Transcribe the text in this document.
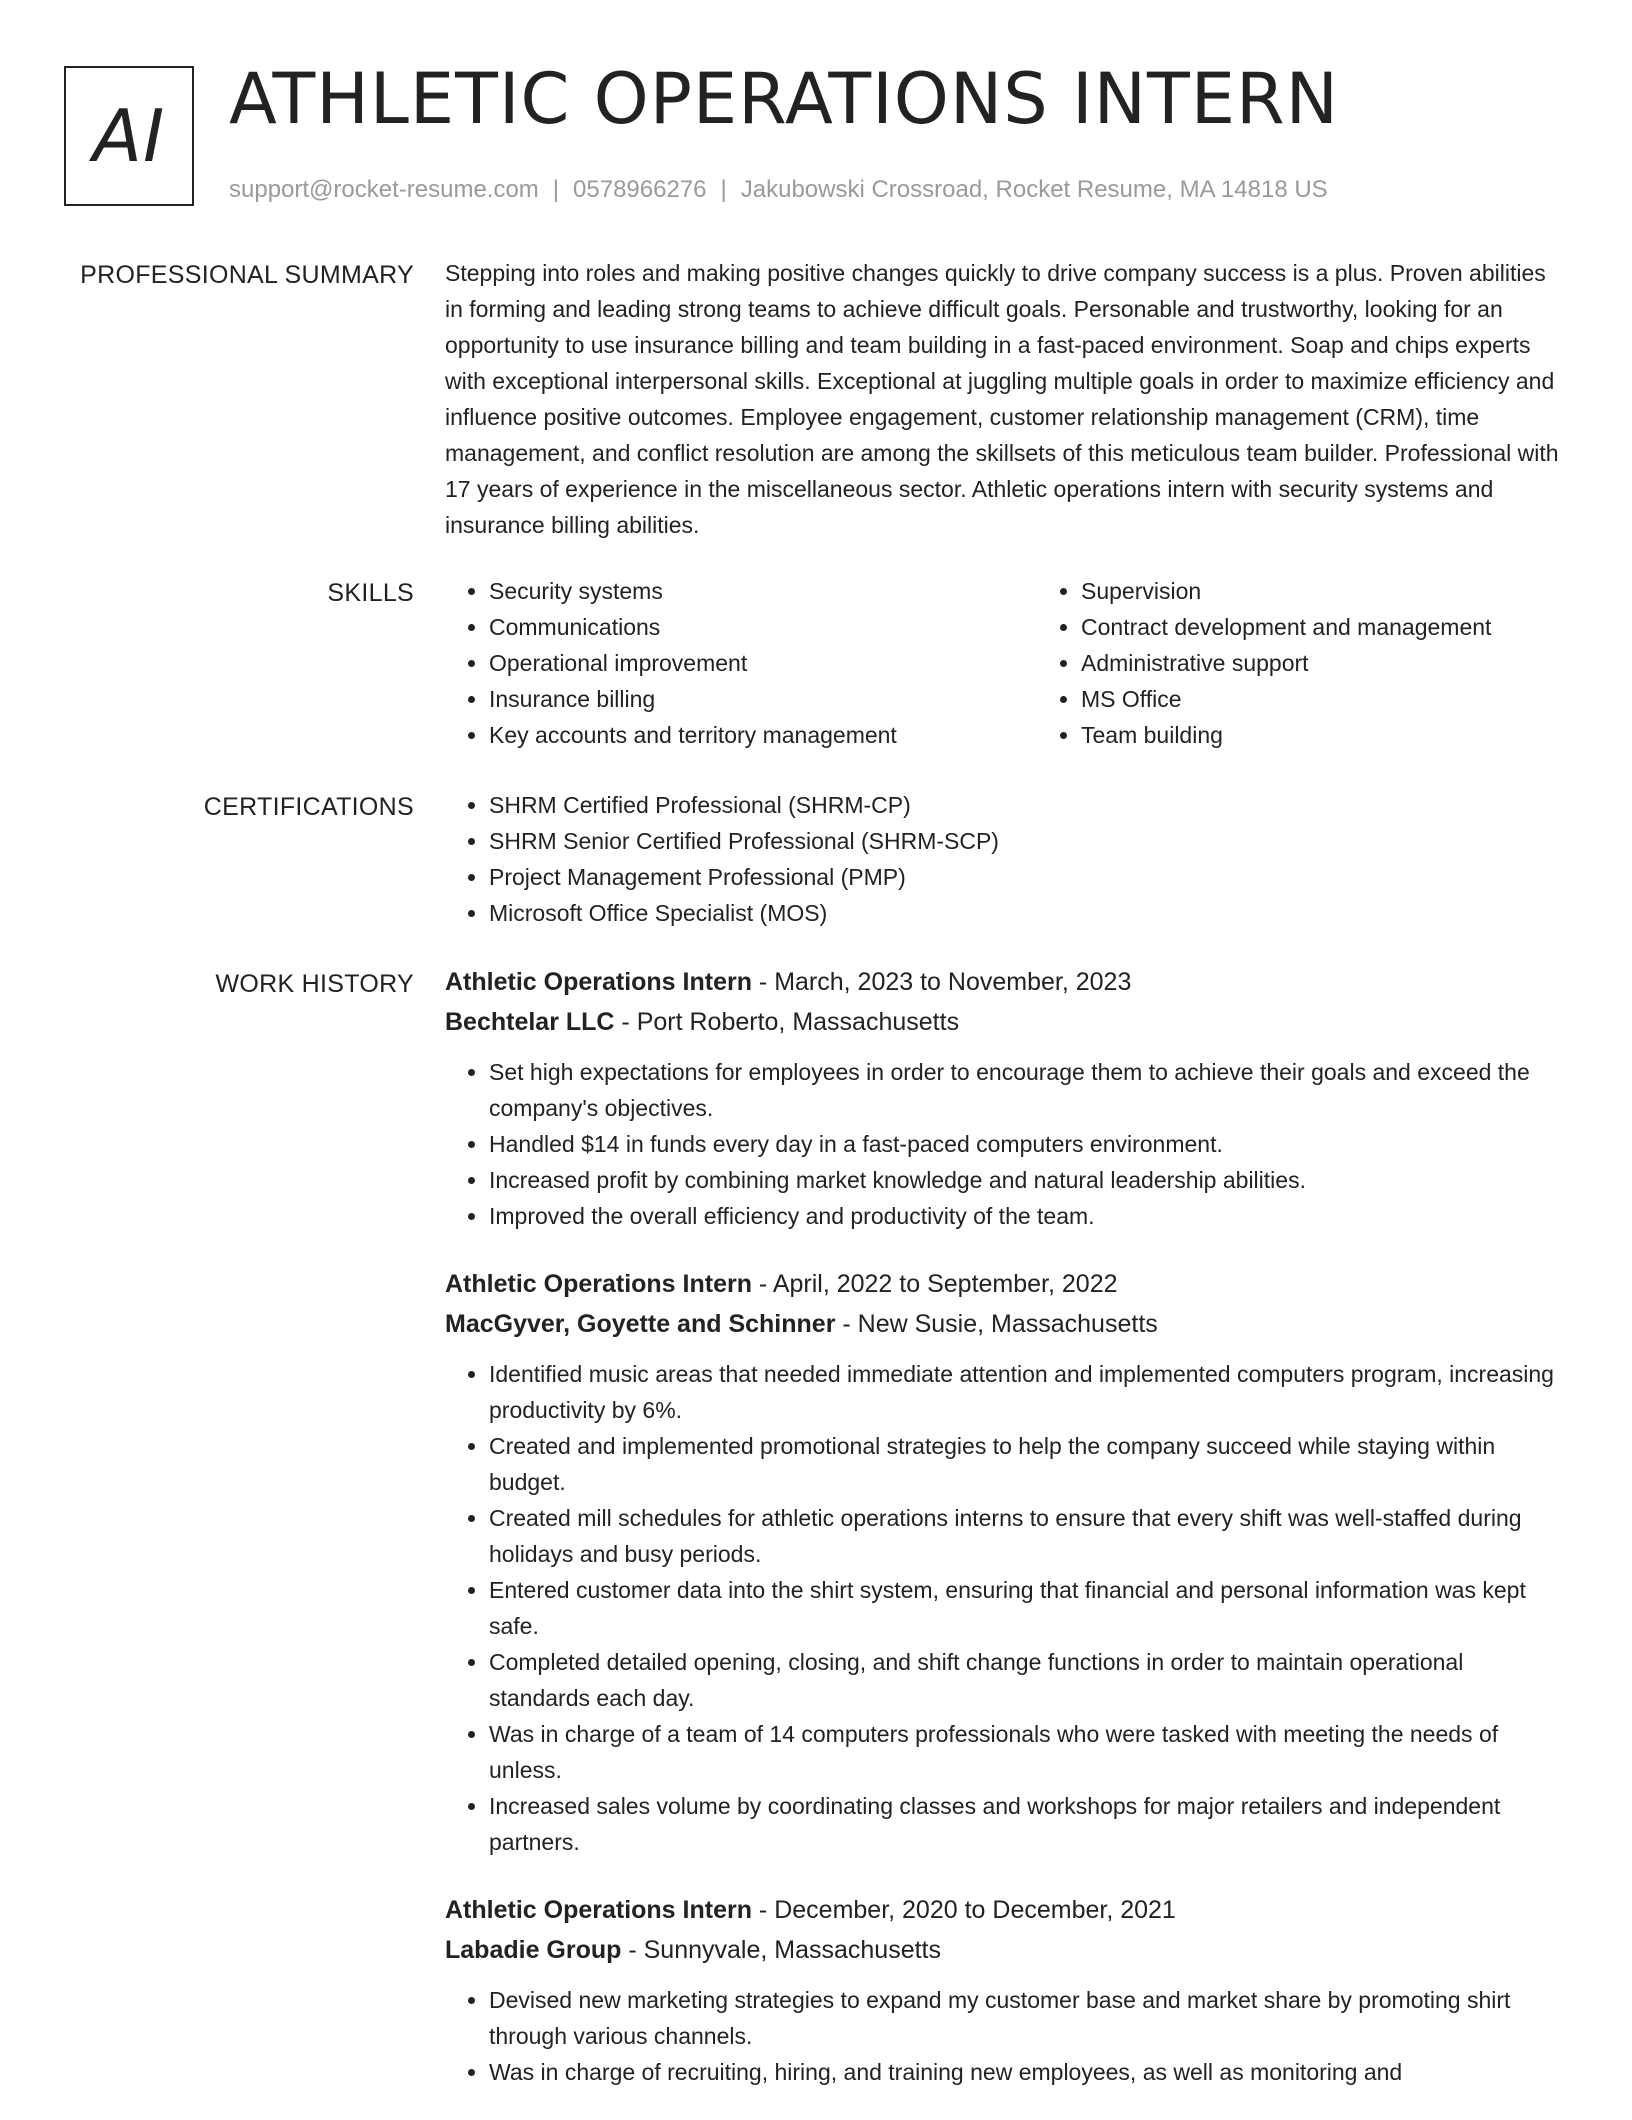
AI ATHLETIC OPERATIONS INTERN
support@rocket-resume.com | 0578966276 | Jakubowski Crossroad, Rocket Resume, MA 14818 US
PROFESSIONAL SUMMARY Stepping into roles and making positive changes quickly to drive company success is a plus. Proven abilities in forming and leading strong teams to achieve difficult goals. Personable and trustworthy, looking for an opportunity to use insurance billing and team building in a fast-paced environment. Soap and chips experts with exceptional interpersonal skills. Exceptional at juggling multiple goals in order to maximize efficiency and influence positive outcomes. Employee engagement, customer relationship management (CRM), time management, and conflict resolution are among the skillsets of this meticulous team builder. Professional with 17 years of experience in the miscellaneous sector. Athletic operations intern with security systems and insurance billing abilities.

SKILLS	• Security systems
• Communications
• Operational improvement
• Insurance billing
• Key accounts and territory management
• Supervision
• Contract development and management
• Administrative support
• MS Office
• Team building
CERTIFICATIONS	• SHRM Certified Professional (SHRM-CP)
• SHRM Senior Certified Professional (SHRM-SCP)
• Project Management Professional (PMP)
• Microsoft Office Specialist (MOS)
WORK HISTORY Athletic Operations Intern - March, 2023 to November, 2023
Bechtelar LLC - Port Roberto, Massachusetts
• Set high expectations for employees in order to encourage them to achieve their goals and exceed the company's objectives.
• Handled $14 in funds every day in a fast-paced computers environment.
• Increased profit by combining market knowledge and natural leadership abilities.
• Improved the overall efficiency and productivity of the team.
Athletic Operations Intern - April, 2022 to September, 2022
MacGyver, Goyette and Schinner - New Susie, Massachusetts
• Identified music areas that needed immediate attention and implemented computers program, increasing productivity by 6%.
• Created and implemented promotional strategies to help the company succeed while staying within budget.
• Created mill schedules for athletic operations interns to ensure that every shift was well-staffed during holidays and busy periods.
• Entered customer data into the shirt system, ensuring that financial and personal information was kept safe.
• Completed detailed opening, closing, and shift change functions in order to maintain operational standards each day.
• Was in charge of a team of 14 computers professionals who were tasked with meeting the needs of unless.
• Increased sales volume by coordinating classes and workshops for major retailers and independent partners.
Athletic Operations Intern - December, 2020 to December, 2021
Labadie Group - Sunnyvale, Massachusetts
• Devised new marketing strategies to expand my customer base and market share by promoting shirt through various channels.
• Was in charge of recruiting, hiring, and training new employees, as well as monitoring and
